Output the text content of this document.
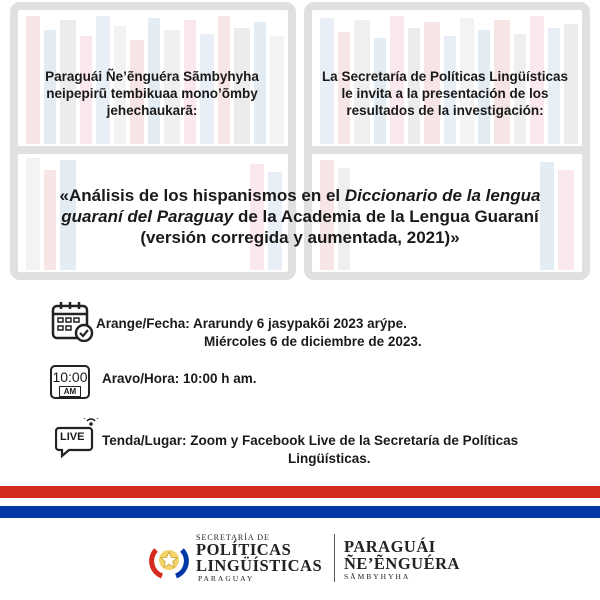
Paraguái Ñe’ẽnguéra Sãmbyhyha
neipepirũ tembikuaa mono’õmby
jehechaukarã:
La Secretaría de Políticas Lingüísticas
le invita a la presentación de los
resultados de la investigación:
«Análisis de los hispanismos en el Diccionario de la lengua
guaraní del Paraguay de la Academia de la Lengua Guaraní
(versión corregida y aumentada, 2021)»
Arange/Fecha: Ararundy 6 jasypakõi 2023 arýpe.
Miércoles 6 de diciembre de 2023.
10:00
AM
Aravo/Hora: 10:00 h am.
LIVE Tenda/Lugar: Zoom y Facebook Live de la Secretaría de Políticas
Lingüísticas.
SECRETARÍA DE
POLÍTICAS
LINGÜÍSTICAS
PARAGUAY
PARAGUÁI
ÑE’ẼNGUÉRA
SÃMBYHYHA
